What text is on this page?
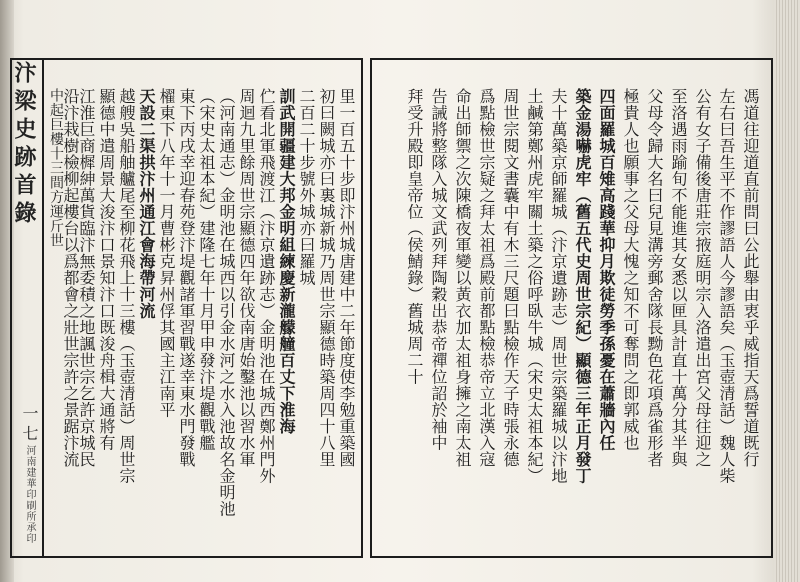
汴梁史跡首錄
一七
河南建華印刷所承印
馮道往迎道直前問曰公此舉由衷乎威指天爲誓道既行
左右曰吾生平不作謬語人今謬語矣（玉壺清話）魏人柴
公有女子備後唐莊宗掖庭明宗入洛遣出宮父母往迎之
至洛遇雨踰旬不能進其女悉以匣具計直十萬分其半與
父母令歸大名曰兒見溝旁郵舍隊長黝色花項爲雀形者
極貴人也願事之父母大愧之知不可奪問之即郭威也
四面羅城百雉高踐華抑月欺徒勞季孫憂在蕭牆內任
築金湯嚇虎牢（舊五代史周世宗紀）顯德三年正月發丁
夫十萬築京師羅城（汴京遺跡志）周世宗築羅城以汴地
土鹹第鄭州虎牢關土築之俗呼臥牛城（宋史太祖本紀）
周世宗閱文書囊中有木三尺題曰點檢作天子時張永德
爲點檢世宗疑之拜太祖爲殿前都點檢恭帝立北漢入寇
命出師禦之次陳橋夜軍變以黃衣加太祖身擁之南太祖
告誡將整隊入城文武列拜陶穀出恭帝禪位詔於袖中
拜受升殿即皇帝位（侯鯖錄）舊城周二十
里一百五十步即汴州城唐建中二年節度使李勉重築國
初曰闕城亦曰裏城新城乃周世宗顯德時築周四十八里
二百二十步號外城亦曰羅城
訓武開疆建大邦金明組練慶新瀧艨艟百丈下淮海
伫看北軍飛渡江（汴京遺跡志）金明池在城西鄭州門外
周迴九里餘周世宗顯德四年欲伐南唐始鑿池以習水軍
（河南通志）金明池在城西以引金水河之水入池故名金明池
（宋史太祖本紀）建隆七年十月甲申發汴堤觀戰艦
東下丙戌幸迎春苑登汴堤觀諸軍習戰遂幸東水門發戰
櫂東下八年十一月曹彬克昇州俘其國主江南平
天設二渠拱汴州通江會海帶河流
越艘吳船舳艫尾至柳花飛上十三樓（玉壺清話）周世宗
顯德中遣周景大浚汴口景知汴口既浚舟楫大通將有
江淮巨商樨紳萬貨臨汴無委積之地諷世宗乞許京城民
沿汴栽樹檢柳起樓台以爲都會之壯世宗許之景踞汴流
中起巨樓十三間方運斤世
